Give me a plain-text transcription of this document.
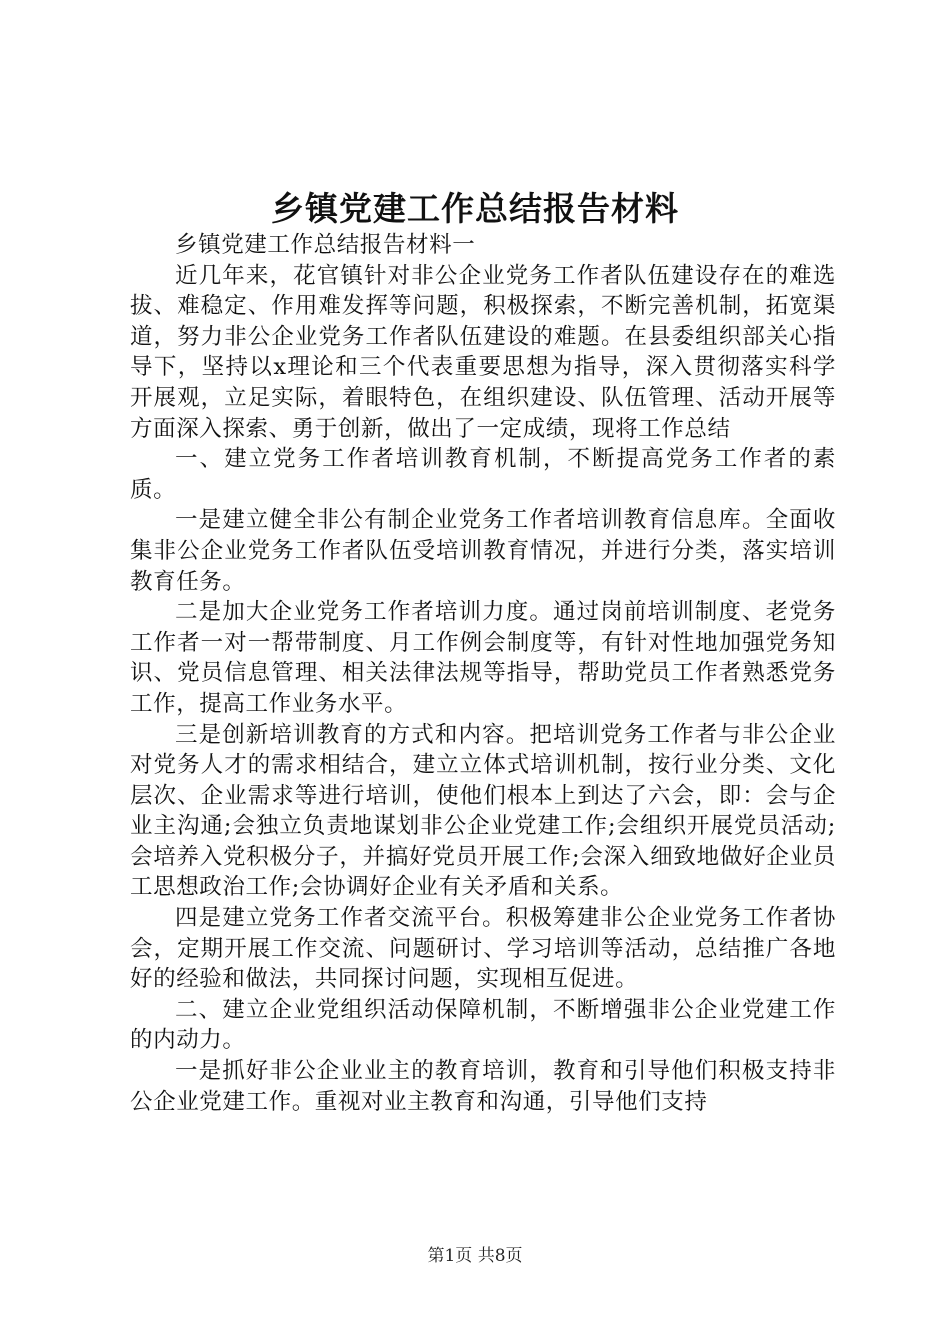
乡镇党建工作总结报告材料

乡镇党建工作总结报告材料一

近几年来，花官镇针对非公企业党务工作者队伍建设存在的难选拔、难稳定、作用难发挥等问题，积极探索，不断完善机制，拓宽渠道，努力非公企业党务工作者队伍建设的难题。在县委组织部关心指导下，坚持以x理论和三个代表重要思想为指导，深入贯彻落实科学开展观，立足实际，着眼特色，在组织建设、队伍管理、活动开展等方面深入探索、勇于创新，做出了一定成绩，现将工作总结

一、建立党务工作者培训教育机制，不断提高党务工作者的素质。

一是建立健全非公有制企业党务工作者培训教育信息库。全面收集非公企业党务工作者队伍受培训教育情况，并进行分类，落实培训教育任务。

二是加大企业党务工作者培训力度。通过岗前培训制度、老党务工作者一对一帮带制度、月工作例会制度等，有针对性地加强党务知识、党员信息管理、相关法律法规等指导，帮助党员工作者熟悉党务工作，提高工作业务水平。

三是创新培训教育的方式和内容。把培训党务工作者与非公企业对党务人才的需求相结合，建立立体式培训机制，按行业分类、文化层次、企业需求等进行培训，使他们根本上到达了六会，即：会与企业主沟通;会独立负责地谋划非公企业党建工作;会组织开展党员活动;会培养入党积极分子，并搞好党员开展工作;会深入细致地做好企业员工思想政治工作;会协调好企业有关矛盾和关系。

四是建立党务工作者交流平台。积极筹建非公企业党务工作者协会，定期开展工作交流、问题研讨、学习培训等活动，总结推广各地好的经验和做法，共同探讨问题，实现相互促进。

二、建立企业党组织活动保障机制，不断增强非公企业党建工作的内动力。

一是抓好非公企业业主的教育培训，教育和引导他们积极支持非公企业党建工作。重视对业主教育和沟通，引导他们支持

第1页 共8页
